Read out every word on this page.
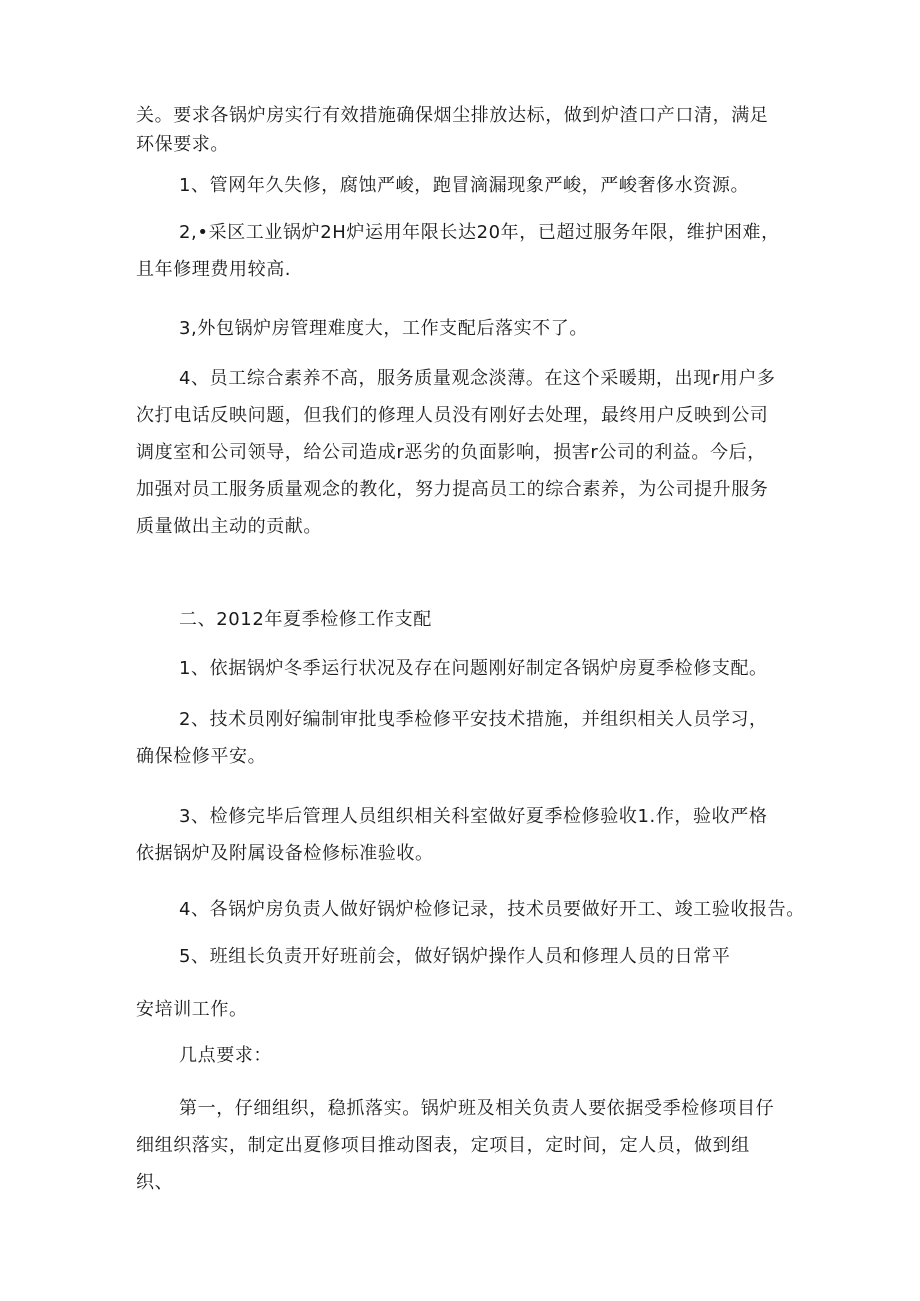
关。要求各锅炉房实行有效措施确保烟尘排放达标，做到炉渣口产口清，满足环保要求。

1、管网年久失修，腐蚀严峻，跑冒滴漏现象严峻，严峻奢侈水资源。

2,•采区工业锅炉2H炉运用年限长达20年，已超过服务年限，维护困难，且年修理费用较高.

3,外包锅炉房管理难度大，工作支配后落实不了。

4、员工综合素养不高，服务质量观念淡薄。在这个采暖期，出现r用户多次打电话反映问题，但我们的修理人员没有刚好去处理，最终用户反映到公司调度室和公司领导，给公司造成r恶劣的负面影响，损害r公司的利益。今后，加强对员工服务质量观念的教化，努力提高员工的综合素养，为公司提升服务质量做出主动的贡献。

二、2012年夏季检修工作支配

1、依据锅炉冬季运行状况及存在问题刚好制定各锅炉房夏季检修支配。

2、技术员刚好编制审批曳季检修平安技术措施，并组织相关人员学习，确保检修平安。

3、检修完毕后管理人员组织相关科室做好夏季检修验收1.作，验收严格依据锅炉及附属设备检修标准验收。

4、各锅炉房负责人做好锅炉检修记录，技术员要做好开工、竣工验收报告。

5、班组长负责开好班前会，做好锅炉操作人员和修理人员的日常平

安培训工作。

几点要求：

第一，仔细组织，稳抓落实。锅炉班及相关负责人要依据受季检修项目仔细组织落实，制定出夏修项目推动图表，定项目，定时间，定人员，做到组织、
